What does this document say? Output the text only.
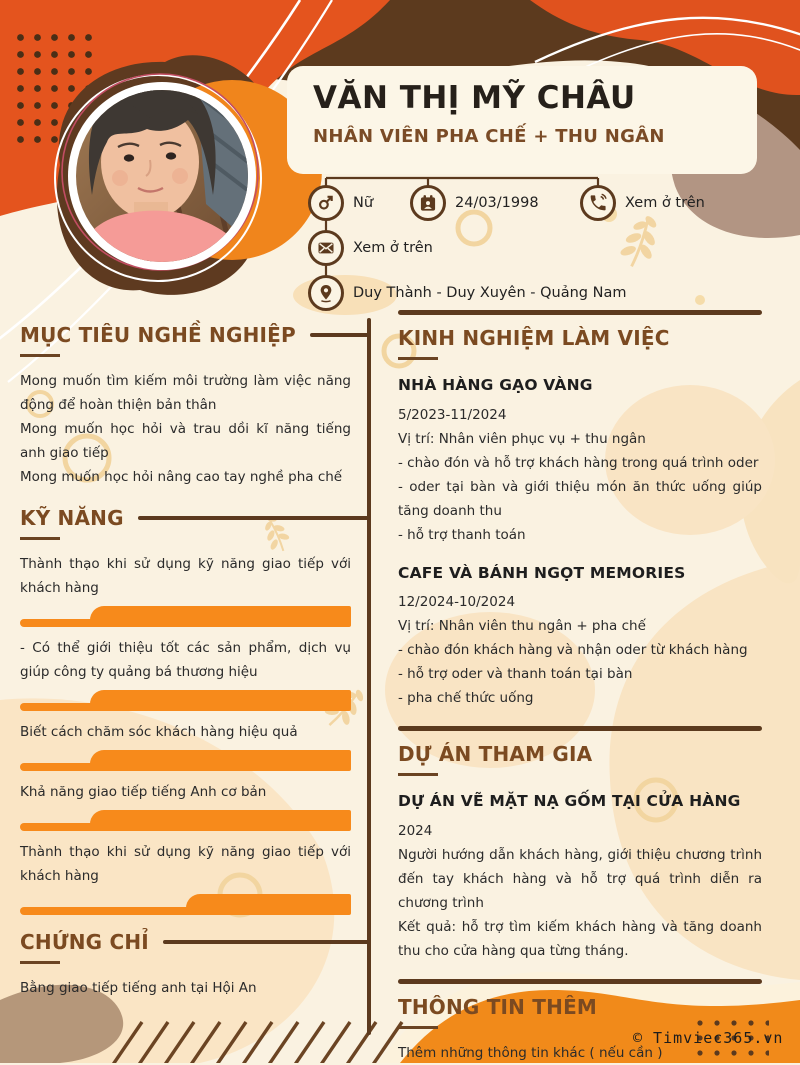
VĂN THỊ MỸ CHÂU
NHÂN VIÊN PHA CHẾ + THU NGÂN
Nữ	24/03/1998	Xem ở trên
Xem ở trên
Duy Thành - Duy Xuyên - Quảng Nam
MỤC TIÊU NGHỀ NGHIỆP

Mong muốn tìm kiếm môi trường làm việc năng động để hoàn thiện bản thân

Mong muốn học hỏi và trau dồi kĩ năng tiếng anh giao tiếp

Mong muốn học hỏi nâng cao tay nghề pha chế

KỸ NĂNG

Thành thạo khi sử dụng kỹ năng giao tiếp với khách hàng

- Có thể giới thiệu tốt các sản phẩm, dịch vụ giúp công ty quảng bá thương hiệu

Biết cách chăm sóc khách hàng hiệu quả

Khả năng giao tiếp tiếng Anh cơ bản

Thành thạo khi sử dụng kỹ năng giao tiếp với khách hàng

CHỨNG CHỈ

Bằng giao tiếp tiếng anh tại Hội An

KINH NGHIỆM LÀM VIỆC

NHÀ HÀNG GẠO VÀNG

5/2023-11/2024

Vị trí: Nhân viên phục vụ + thu ngân

- chào đón và hỗ trợ khách hàng trong quá trình oder

- oder tại bàn và giới thiệu món ăn thức uống giúp tăng doanh thu

- hỗ trợ thanh toán

CAFE VÀ BÁNH NGỌT MEMORIES

12/2024-10/2024

Vị trí: Nhân viên thu ngân + pha chế

- chào đón khách hàng và nhận oder từ khách hàng

- hỗ trợ oder và thanh toán tại bàn

- pha chế thức uống

DỰ ÁN THAM GIA

DỰ ÁN VẼ MẶT NẠ GỐM TẠI CỬA HÀNG

2024

Người hướng dẫn khách hàng, giới thiệu chương trình đến tay khách hàng và hỗ trợ quá trình diễn ra chương trình

Kết quả: hỗ trợ tìm kiếm khách hàng và tăng doanh thu cho cửa hàng qua từng tháng.

THÔNG TIN THÊM

Thêm những thông tin khác ( nếu cần )

© Timviec365.vn
